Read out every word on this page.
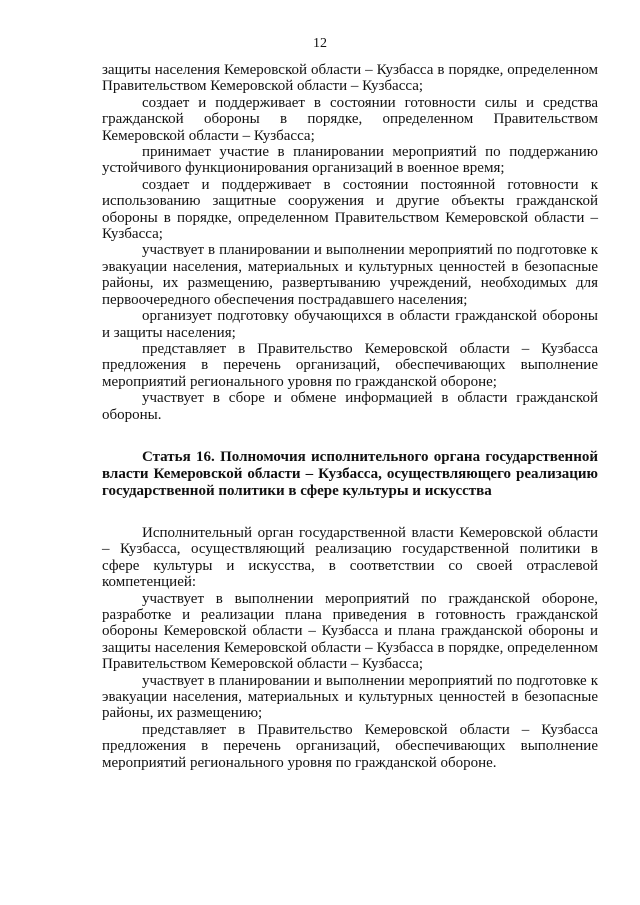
12

защиты населения Кемеровской области – Кузбасса в порядке, определенном Правительством Кемеровской области – Кузбасса;

создает и поддерживает в состоянии готовности силы и средства гражданской обороны в порядке, определенном Правительством Кемеровской области – Кузбасса;

принимает участие в планировании мероприятий по поддержанию устойчивого функционирования организаций в военное время;

создает и поддерживает в состоянии постоянной готовности к использованию защитные сооружения и другие объекты гражданской обороны в порядке, определенном Правительством Кемеровской области – Кузбасса;

участвует в планировании и выполнении мероприятий по подготовке к эвакуации населения, материальных и культурных ценностей в безопасные районы, их размещению, развертыванию учреждений, необходимых для первоочередного обеспечения пострадавшего населения;

организует подготовку обучающихся в области гражданской обороны и защиты населения;

представляет в Правительство Кемеровской области – Кузбасса предложения в перечень организаций, обеспечивающих выполнение мероприятий регионального уровня по гражданской обороне;

участвует в сборе и обмене информацией в области гражданской обороны.

Статья 16. Полномочия исполнительного органа государственной власти Кемеровской области – Кузбасса, осуществляющего реализацию государственной политики в сфере культуры и искусства

Исполнительный орган государственной власти Кемеровской области – Кузбасса, осуществляющий реализацию государственной политики в сфере культуры и искусства, в соответствии со своей отраслевой компетенцией:

участвует в выполнении мероприятий по гражданской обороне, разработке и реализации плана приведения в готовность гражданской обороны Кемеровской области – Кузбасса и плана гражданской обороны и защиты населения Кемеровской области – Кузбасса в порядке, определенном Правительством Кемеровской области – Кузбасса;

участвует в планировании и выполнении мероприятий по подготовке к эвакуации населения, материальных и культурных ценностей в безопасные районы, их размещению;

представляет в Правительство Кемеровской области – Кузбасса предложения в перечень организаций, обеспечивающих выполнение мероприятий регионального уровня по гражданской обороне.
